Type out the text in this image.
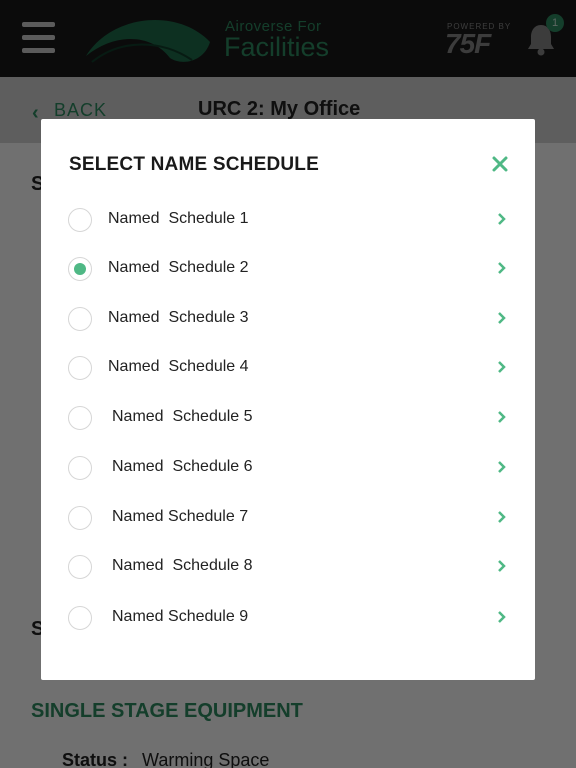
SELECT NAME SCHEDULE
Named  Schedule 1
Named  Schedule 2
Named  Schedule 3
Named  Schedule 4
Named  Schedule 5
Named  Schedule 6
Named Schedule 7
Named  Schedule 8
Named Schedule 9
